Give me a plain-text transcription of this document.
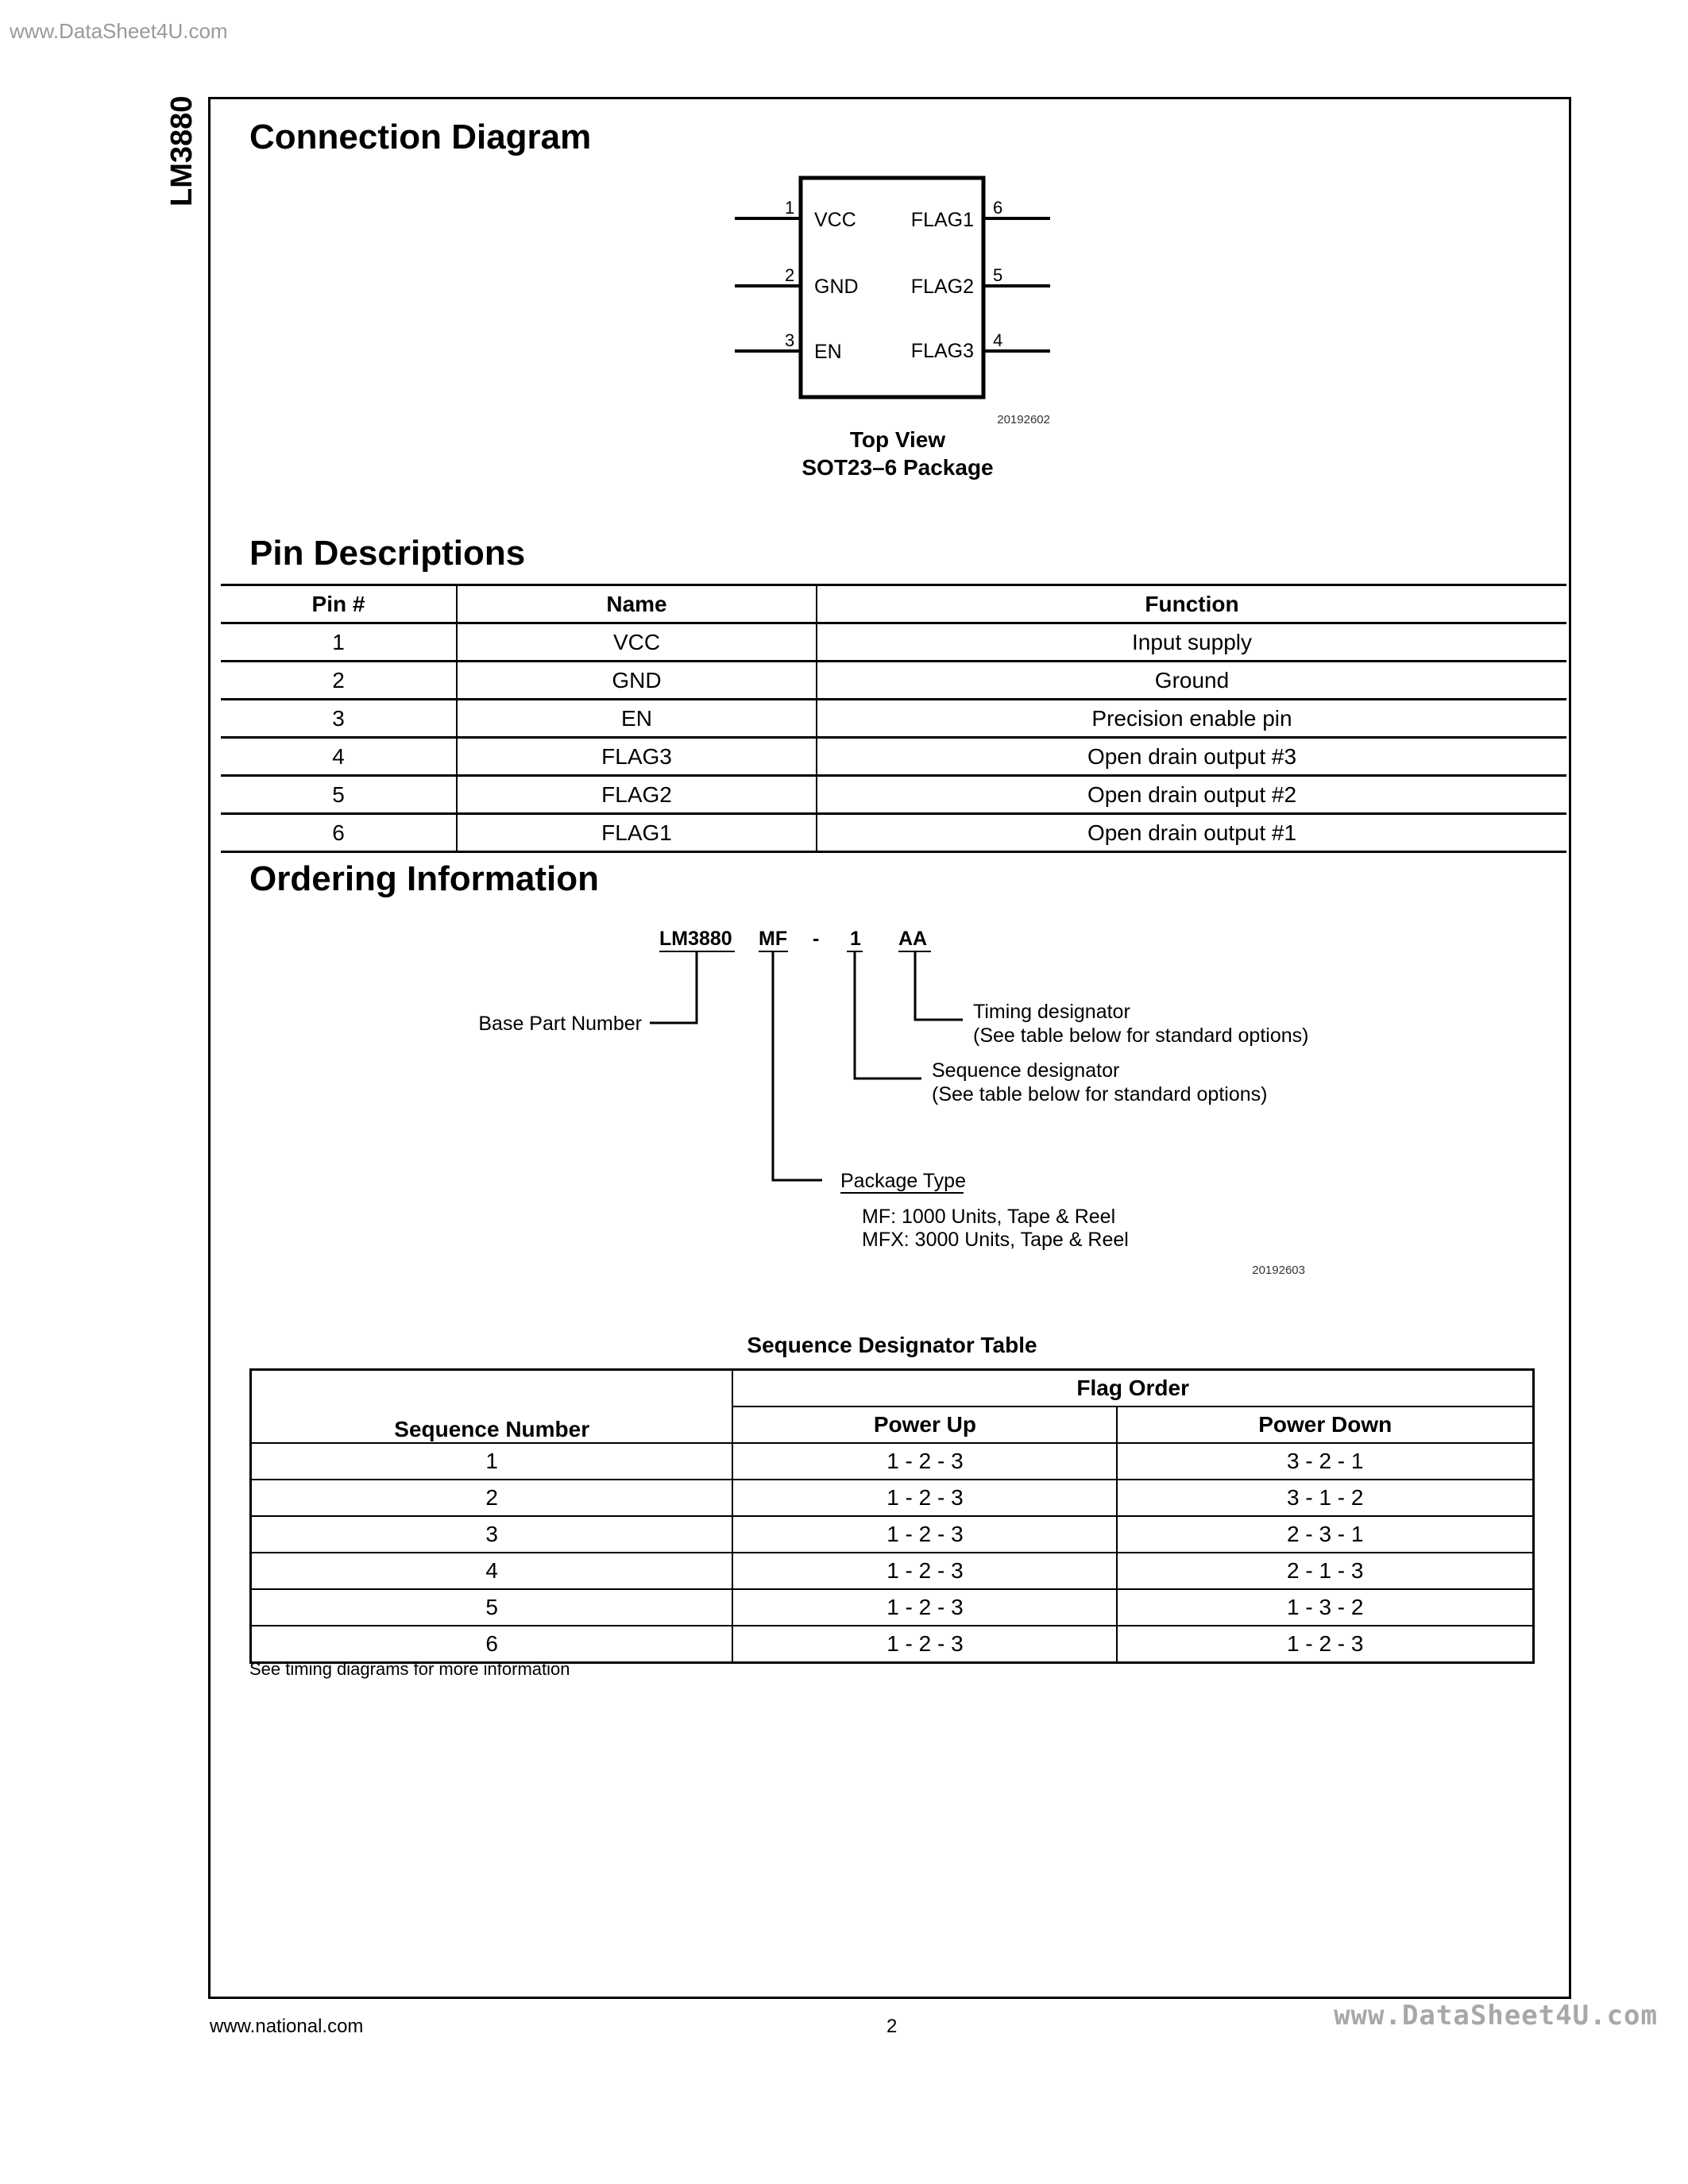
www.DataSheet4U.com
www.DataSheet4U.com
LM3880 Connection Diagram
1
2
3
6
5
4
VCC
GND
EN
FLAG1
FLAG2
FLAG3
20192602
Top View
SOT23–6 Package
Pin Descriptions
Pin #	Name	Function
1	VCC	Input supply
2	GND	Ground
3	EN	Precision enable pin
4	FLAG3	Open drain output #3
5	FLAG2	Open drain output #2
6	FLAG1	Open drain output #1
Ordering Information
LM3880 MF - 1 AA
Base Part Number
Timing designator
(See table below for standard options)
Sequence designator
(See table below for standard options)
Package Type
MF: 1000 Units, Tape & Reel
MFX: 3000 Units, Tape & Reel
20192603
Sequence Designator Table
	Flag Order	
Sequence Number	Power Up	Power Down
1	1 - 2 - 3	3 - 2 - 1
2	1 - 2 - 3	3 - 1 - 2
3	1 - 2 - 3	2 - 3 - 1
4	1 - 2 - 3	2 - 1 - 3
5	1 - 2 - 3	1 - 3 - 2
6	1 - 2 - 3	1 - 2 - 3
See timing diagrams for more information
www.national.com	2
